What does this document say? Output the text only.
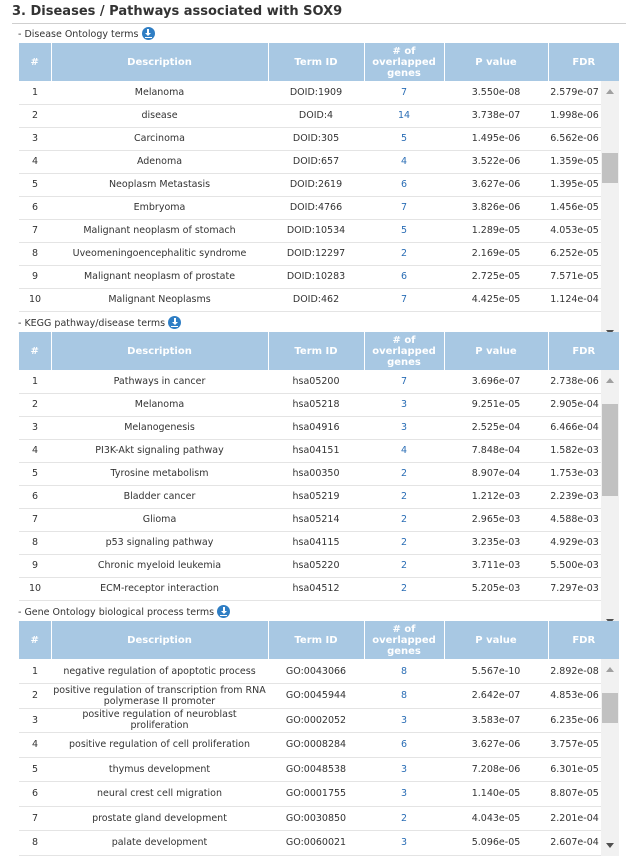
3. Diseases / Pathways associated with SOX9
- Disease Ontology terms
#	Description	Term ID	# of overlapped genes	P value	FDR
1	Melanoma	DOID:1909	7	3.550e-08	2.579e-07
2	disease	DOID:4	14	3.738e-07	1.998e-06
3	Carcinoma	DOID:305	5	1.495e-06	6.562e-06
4	Adenoma	DOID:657	4	3.522e-06	1.359e-05
5	Neoplasm Metastasis	DOID:2619	6	3.627e-06	1.395e-05
6	Embryoma	DOID:4766	7	3.826e-06	1.456e-05
7	Malignant neoplasm of stomach	DOID:10534	5	1.289e-05	4.053e-05
8	Uveomeningoencephalitic syndrome	DOID:12297	2	2.169e-05	6.252e-05
9	Malignant neoplasm of prostate	DOID:10283	6	2.725e-05	7.571e-05
10	Malignant Neoplasms	DOID:462	7	4.425e-05	1.124e-04
- KEGG pathway/disease terms
#	Description	Term ID	# of overlapped genes	P value	FDR
1	Pathways in cancer	hsa05200	7	3.696e-07	2.738e-06
2	Melanoma	hsa05218	3	9.251e-05	2.905e-04
3	Melanogenesis	hsa04916	3	2.525e-04	6.466e-04
4	PI3K-Akt signaling pathway	hsa04151	4	7.848e-04	1.582e-03
5	Tyrosine metabolism	hsa00350	2	8.907e-04	1.753e-03
6	Bladder cancer	hsa05219	2	1.212e-03	2.239e-03
7	Glioma	hsa05214	2	2.965e-03	4.588e-03
8	p53 signaling pathway	hsa04115	2	3.235e-03	4.929e-03
9	Chronic myeloid leukemia	hsa05220	2	3.711e-03	5.500e-03
10	ECM-receptor interaction	hsa04512	2	5.205e-03	7.297e-03
- Gene Ontology biological process terms
#	Description	Term ID	# of overlapped genes	P value	FDR
1	negative regulation of apoptotic process	GO:0043066	8	5.567e-10	2.892e-08
2	positive regulation of transcription from RNA polymerase II promoter	GO:0045944	8	2.642e-07	4.853e-06
3	positive regulation of neuroblast proliferation	GO:0002052	3	3.583e-07	6.235e-06
4	positive regulation of cell proliferation	GO:0008284	6	3.627e-06	3.757e-05
5	thymus development	GO:0048538	3	7.208e-06	6.301e-05
6	neural crest cell migration	GO:0001755	3	1.140e-05	8.807e-05
7	prostate gland development	GO:0030850	2	4.043e-05	2.201e-04
8	palate development	GO:0060021	3	5.096e-05	2.607e-04
